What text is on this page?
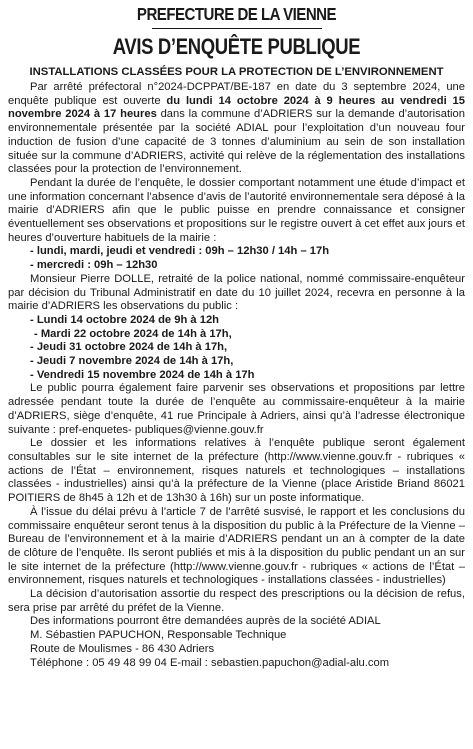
PREFECTURE DE LA VIENNE
AVIS D’ENQUÊTE PUBLIQUE
INSTALLATIONS CLASSÉES POUR LA PROTECTION DE L’ENVIRONNEMENT

Par arrêté préfectoral n°2024-DCPPAT/BE-187 en date du 3 septembre 2024, une enquête publique est ouverte du lundi 14 octobre 2024 à 9 heures au vendredi 15 novembre 2024 à 17 heures dans la commune d’ADRIERS sur la demande d’autorisation environnementale présentée par la société ADIAL pour l’exploitation d’un nouveau four induction de fusion d’une capacité de 3 tonnes d’aluminium au sein de son installation située sur la commune d’ADRIERS, activité qui relève de la réglementation des installations classées pour la protection de l’environnement.

Pendant la durée de l’enquête, le dossier comportant notamment une étude d’impact et une information concernant l’absence d’avis de l’autorité environnementale sera déposé à la mairie d’ADRIERS afin que le public puisse en prendre connaissance et consigner éventuellement ses observations et propositions sur le registre ouvert à cet effet aux jours et heures d’ouverture habituels de la mairie :

- lundi, mardi, jeudi et vendredi : 09h – 12h30 / 14h – 17h
- mercredi : 09h – 12h30

Monsieur Pierre DOLLE, retraité de la police national, nommé commissaire-enquêteur par décision du Tribunal Administratif en date du 10 juillet 2024, recevra en personne à la mairie d’ADRIERS les observations du public :

- Lundi 14 octobre 2024 de 9h à 12h
- Mardi 22 octobre 2024 de 14h à 17h,
- Jeudi 31 octobre 2024 de 14h à 17h,
- Jeudi 7 novembre 2024 de 14h à 17h,
- Vendredi 15 novembre 2024 de 14h à 17h

Le public pourra également faire parvenir ses observations et propositions par lettre adressée pendant toute la durée de l’enquête au commissaire-enquêteur à la mairie d’ADRIERS, siège d’enquête, 41 rue Principale à Adriers, ainsi qu’à l’adresse électronique suivante : pref-enquetes- publiques@vienne.gouv.fr

Le dossier et les informations relatives à l’enquête publique seront également consultables sur le site internet de la préfecture (http://www.vienne.gouv.fr - rubriques « actions de l’État – environnement, risques naturels et technologiques – installations classées - industrielles) ainsi qu’à la préfecture de la Vienne (place Aristide Briand 86021 POITIERS de 8h45 à 12h et de 13h30 à 16h) sur un poste informatique.

À l’issue du délai prévu à l’article 7 de l’arrêté susvisé, le rapport et les conclusions du commissaire enquêteur seront tenus à la disposition du public à la Préfecture de la Vienne – Bureau de l’environnement et à la mairie d’ADRIERS pendant un an à compter de la date de clôture de l’enquête. Ils seront publiés et mis à la disposition du public pendant un an sur le site internet de la préfecture (http://www.vienne.gouv.fr - rubriques « actions de l’État – environnement, risques naturels et technologiques - installations classées - industrielles)

La décision d’autorisation assortie du respect des prescriptions ou la décision de refus, sera prise par arrêté du préfet de la Vienne.

Des informations pourront être demandées auprès de la société ADIAL
M. Sébastien PAPUCHON, Responsable Technique
Route de Moulismes - 86 430 Adriers
Téléphone : 05 49 48 99 04 E-mail : sebastien.papuchon@adial-alu.com
